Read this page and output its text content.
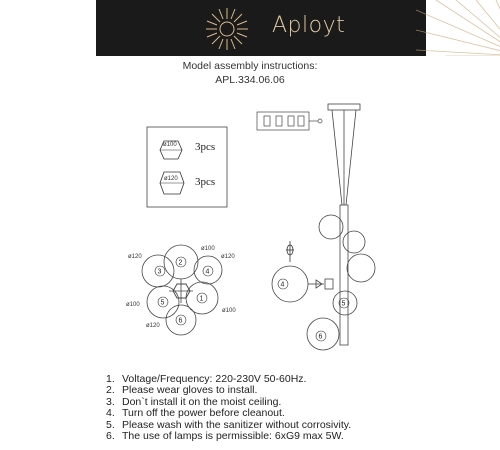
Aployt
Model assembly instructions:
APL.334.06.06
ø100 3pcs
ø120 3pcs
2
3	4
5
1
6
ø120
ø100
ø120
ø100
ø100
ø120
4
5
6
1. Voltage/Frequency: 220-230V 50-60Hz.
2. Please wear gloves to install.
3. Don`t install it on the moist ceiling.
4. Turn off the power before cleanout.
5. Please wash with the sanitizer without corrosivity.
6. The use of lamps is permissible: 6xG9 max 5W.
